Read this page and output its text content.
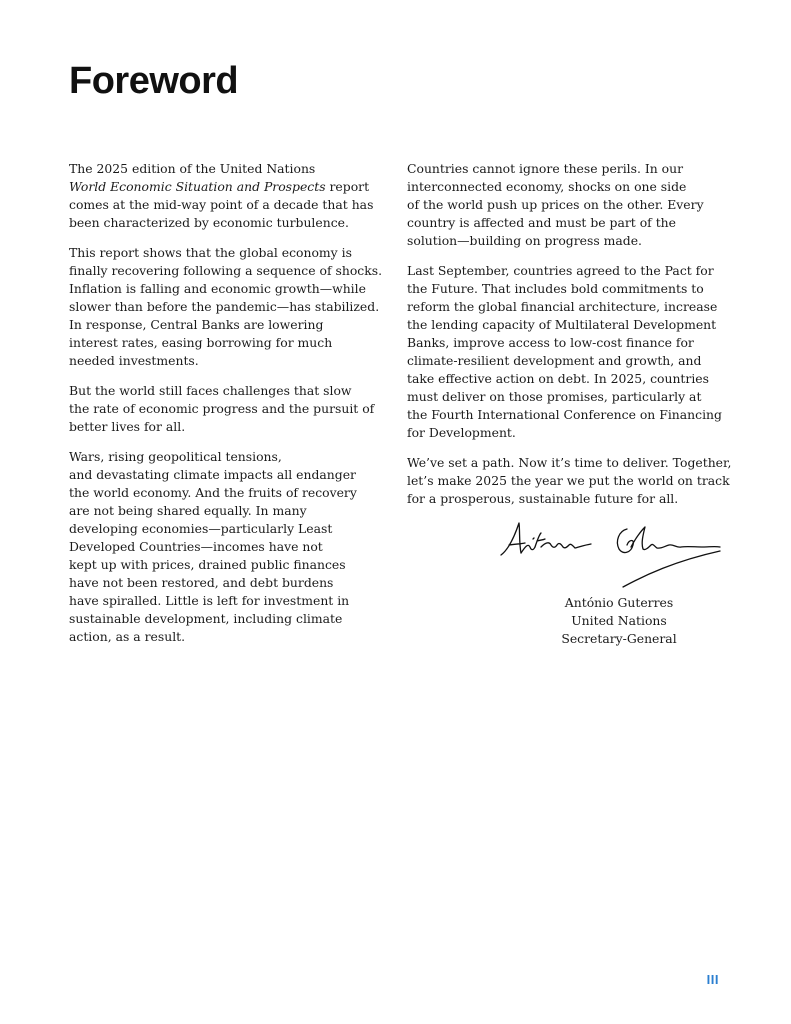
Foreword

The 2025 edition of the United Nations
World Economic Situation and Prospects report
comes at the mid-way point of a decade that has
been characterized by economic turbulence.

This report shows that the global economy is
finally recovering following a sequence of shocks.
Inflation is falling and economic growth—while
slower than before the pandemic—has stabilized.
In response, Central Banks are lowering
interest rates, easing borrowing for much
needed investments.

But the world still faces challenges that slow
the rate of economic progress and the pursuit of
better lives for all.

Wars, rising geopolitical tensions,
and devastating climate impacts all endanger
the world economy. And the fruits of recovery
are not being shared equally. In many
developing economies—particularly Least
Developed Countries—incomes have not
kept up with prices, drained public finances
have not been restored, and debt burdens
have spiralled. Little is left for investment in
sustainable development, including climate
action, as a result.

Countries cannot ignore these perils. In our
interconnected economy, shocks on one side
of the world push up prices on the other. Every
country is affected and must be part of the
solution—building on progress made.

Last September, countries agreed to the Pact for
the Future. That includes bold commitments to
reform the global financial architecture, increase
the lending capacity of Multilateral Development
Banks, improve access to low-cost finance for
climate-resilient development and growth, and
take effective action on debt. In 2025, countries
must deliver on those promises, particularly at
the Fourth International Conference on Financing
for Development.

We’ve set a path. Now it’s time to deliver. Together,
let’s make 2025 the year we put the world on track
for a prosperous, sustainable future for all.

António Guterres
United Nations
Secretary-General
III
